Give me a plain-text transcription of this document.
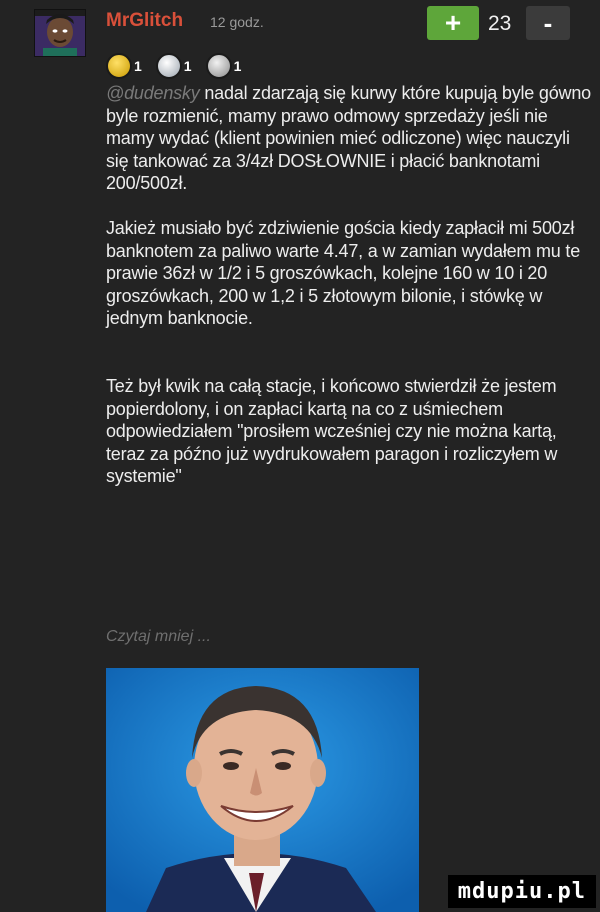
MrGlitch 12 godz.	+	23	-
1	1	1

@dudensky nadal zdarzają się kurwy które kupują byle gówno byle rozmienić, mamy prawo odmowy sprzedaży jeśli nie mamy wydać (klient powinien mieć odliczone) więc nauczyli się tankować za 3/4zł DOSŁOWNIE i płacić banknotami 200/500zł.

Jakież musiało być zdziwienie gościa kiedy zapłacił mi 500zł banknotem za paliwo warte 4.47, a w zamian wydałem mu te prawie 36zł w 1/2 i 5 groszówkach, kolejne 160 w 10 i 20 groszówkach, 200 w 1,2 i 5 złotowym bilonie, i stówkę w jednym banknocie.

Też był kwik na całą stacje, i końcowo stwierdził że jestem popierdolony, i on zapłaci kartą na co z uśmiechem odpowiedziałem "prosiłem wcześniej czy nie można kartą, teraz za późno już wydrukowałem paragon i rozliczyłem w systemie"

Czytaj mniej ...
mdupiu.pl
